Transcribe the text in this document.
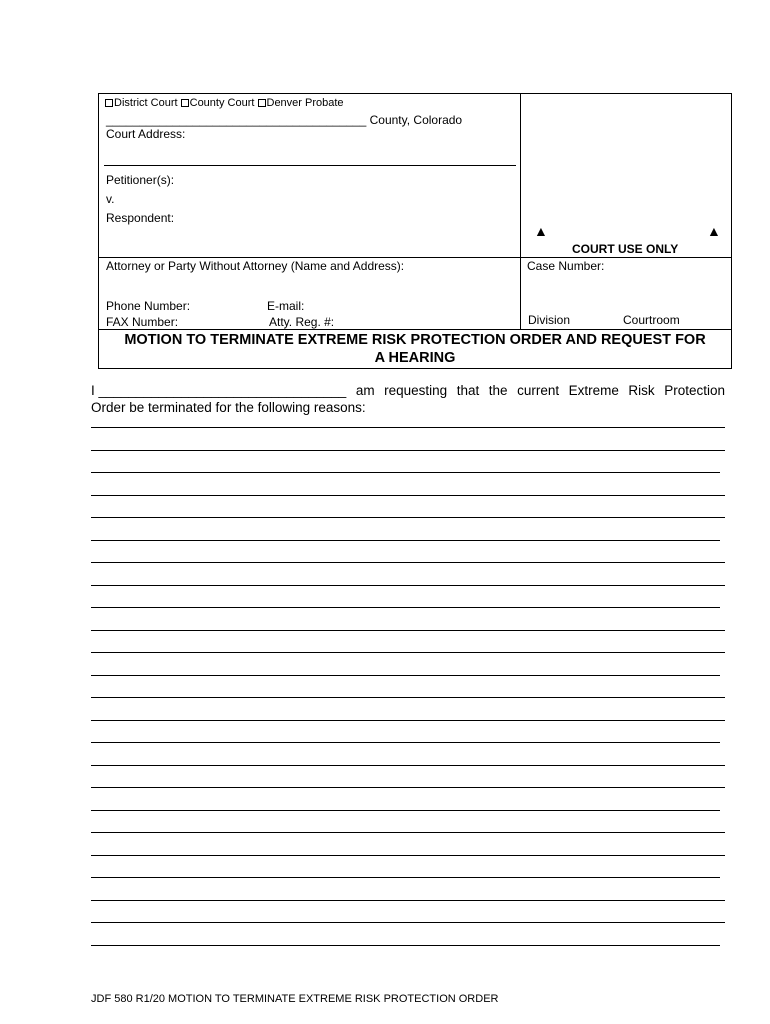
District Court County Court Denver Probate
_______________________________________ County, Colorado
Court Address:
Petitioner(s):
v.
Respondent:
▲	▲
COURT USE ONLY
Attorney or Party Without Attorney (Name and Address):	Case Number:
Phone Number:	E-mail:
FAX Number:	Atty. Reg. #:	Division	Courtroom
MOTION TO TERMINATE EXTREME RISK PROTECTION ORDER AND REQUEST FOR
A HEARING
I _________________________________ am requesting that the current Extreme Risk Protection
Order be terminated for the following reasons:
JDF 580 R1/20 MOTION TO TERMINATE EXTREME RISK PROTECTION ORDER
